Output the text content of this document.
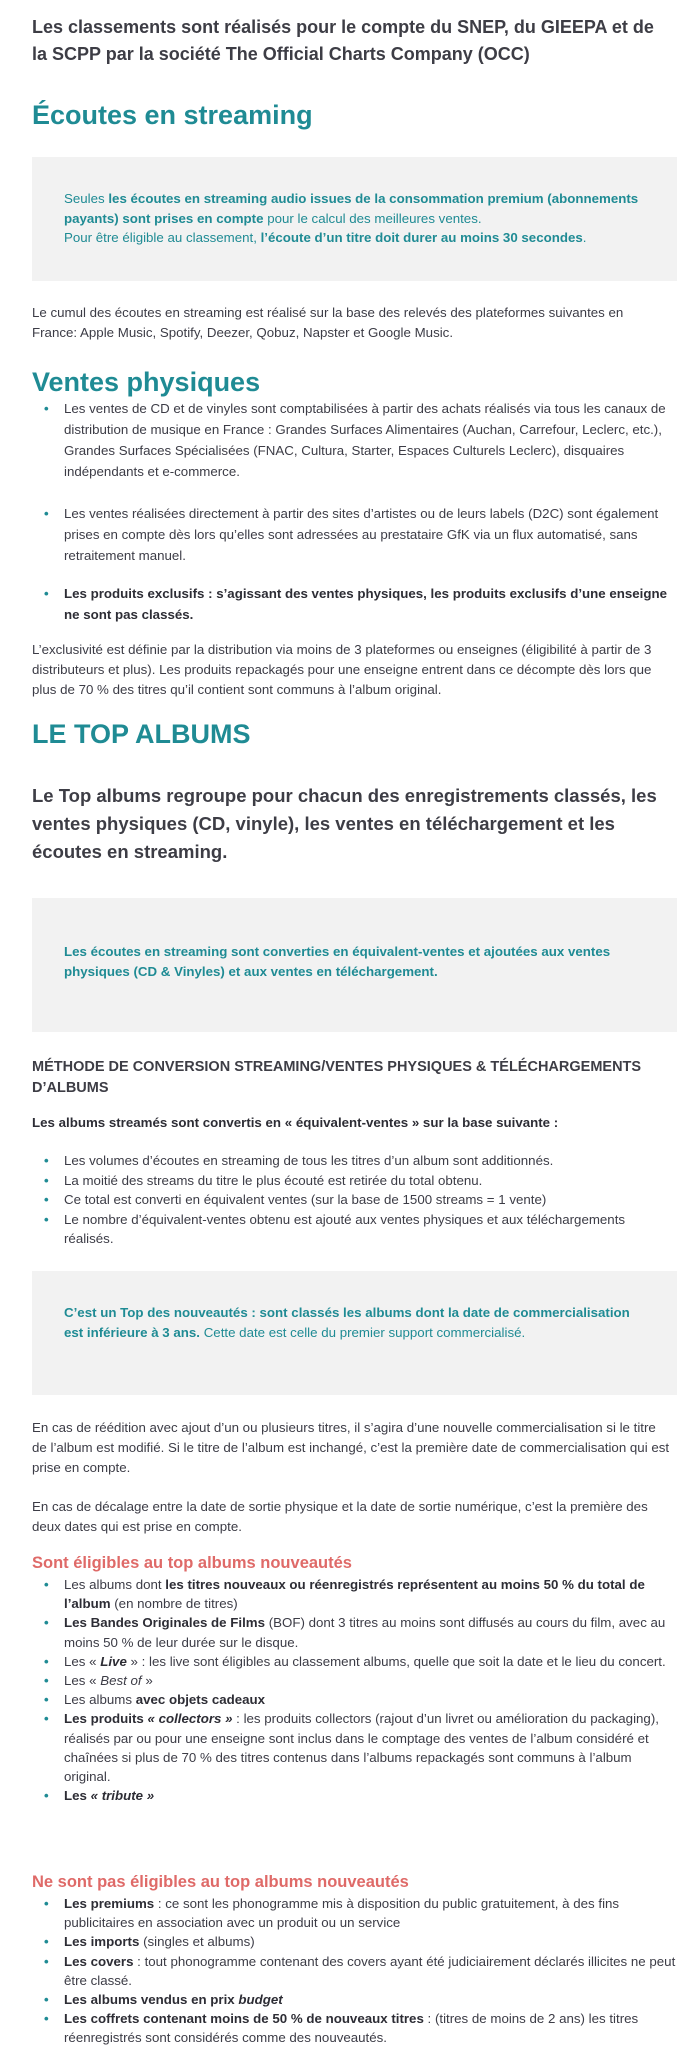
Les classements sont réalisés pour le compte du SNEP, du GIEEPA et de la SCPP par la société The Official Charts Company (OCC)

Écoutes en streaming
Seules les écoutes en streaming audio issues de la consommation premium (abonnements payants) sont prises en compte pour le calcul des meilleures ventes.
Pour être éligible au classement, l’écoute d’un titre doit durer au moins 30 secondes.

Le cumul des écoutes en streaming est réalisé sur la base des relevés des plateformes suivantes en France: Apple Music, Spotify, Deezer, Qobuz, Napster et Google Music.

Ventes physiques
• Les ventes de CD et de vinyles sont comptabilisées à partir des achats réalisés via tous les canaux de distribution de musique en France : Grandes Surfaces Alimentaires (Auchan, Carrefour, Leclerc, etc.), Grandes Surfaces Spécialisées (FNAC, Cultura, Starter, Espaces Culturels Leclerc), disquaires indépendants et e-commerce.
• Les ventes réalisées directement à partir des sites d’artistes ou de leurs labels (D2C) sont également prises en compte dès lors qu’elles sont adressées au prestataire GfK via un flux automatisé, sans retraitement manuel.
• Les produits exclusifs : s’agissant des ventes physiques, les produits exclusifs d’une enseigne ne sont pas classés.

L’exclusivité est définie par la distribution via moins de 3 plateformes ou enseignes (éligibilité à partir de 3 distributeurs et plus). Les produits repackagés pour une enseigne entrent dans ce décompte dès lors que plus de 70 % des titres qu’il contient sont communs à l’album original.

LE TOP ALBUMS

Le Top albums regroupe pour chacun des enregistrements classés, les ventes physiques (CD, vinyle), les ventes en téléchargement et les écoutes en streaming.

Les écoutes en streaming sont converties en équivalent-ventes et ajoutées aux ventes physiques (CD & Vinyles) et aux ventes en téléchargement.
MÉTHODE DE CONVERSION STREAMING/VENTES PHYSIQUES & TÉLÉCHARGEMENTS D’ALBUMS

Les albums streamés sont convertis en « équivalent-ventes » sur la base suivante :

• Les volumes d’écoutes en streaming de tous les titres d’un album sont additionnés.
• La moitié des streams du titre le plus écouté est retirée du total obtenu.
• Ce total est converti en équivalent ventes (sur la base de 1500 streams = 1 vente)
• Le nombre d’équivalent-ventes obtenu est ajouté aux ventes physiques et aux téléchargements réalisés.
C’est un Top des nouveautés : sont classés les albums dont la date de commercialisation est inférieure à 3 ans. Cette date est celle du premier support commercialisé.

En cas de réédition avec ajout d’un ou plusieurs titres, il s’agira d’une nouvelle commercialisation si le titre de l’album est modifié. Si le titre de l’album est inchangé, c’est la première date de commercialisation qui est prise en compte.

En cas de décalage entre la date de sortie physique et la date de sortie numérique, c’est la première des deux dates qui est prise en compte.

Sont éligibles au top albums nouveautés
• Les albums dont les titres nouveaux ou réenregistrés représentent au moins 50 % du total de l’album (en nombre de titres)
• Les Bandes Originales de Films (BOF) dont 3 titres au moins sont diffusés au cours du film, avec au moins 50 % de leur durée sur le disque.
• Les « Live » : les live sont éligibles au classement albums, quelle que soit la date et le lieu du concert.
• Les « Best of »
• Les albums avec objets cadeaux
• Les produits « collectors » : les produits collectors (rajout d’un livret ou amélioration du packaging), réalisés par ou pour une enseigne sont inclus dans le comptage des ventes de l’album considéré et chaînées si plus de 70 % des titres contenus dans l’albums repackagés sont communs à l’album original.
• Les « tribute »
Ne sont pas éligibles au top albums nouveautés
• Les premiums : ce sont les phonogramme mis à disposition du public gratuitement, à des fins publicitaires en association avec un produit ou un service
• Les imports (singles et albums)
• Les covers : tout phonogramme contenant des covers ayant été judiciairement déclarés illicites ne peut être classé.
• Les albums vendus en prix budget
• Les coffrets contenant moins de 50 % de nouveaux titres : (titres de moins de 2 ans) les titres réenregistrés sont considérés comme des nouveautés.
